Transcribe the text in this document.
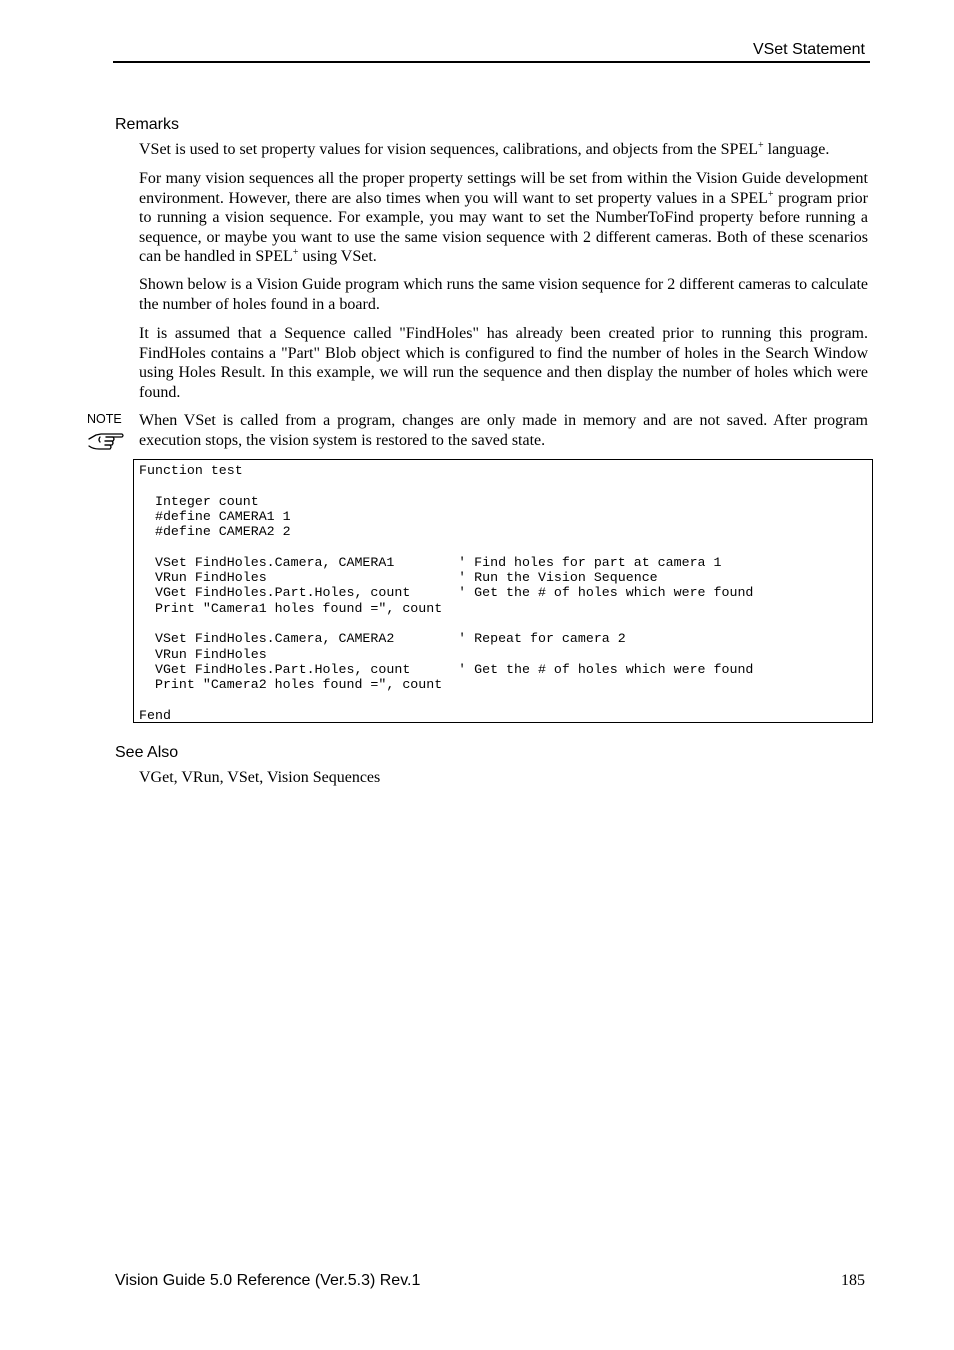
VSet Statement
Remarks

VSet is used to set property values for vision sequences, calibrations, and objects from the SPEL+ language.

For many vision sequences all the proper property settings will be set from within the Vision Guide development environment. However, there are also times when you will want to set property values in a SPEL+ program prior to running a vision sequence. For example, you may want to set the NumberToFind property before running a sequence, or maybe you want to use the same vision sequence with 2 different cameras. Both of these scenarios can be handled in SPEL+ using VSet.

Shown below is a Vision Guide program which runs the same vision sequence for 2 different cameras to calculate the number of holes found in a board.

It is assumed that a Sequence called "FindHoles" has already been created prior to running this program. FindHoles contains a "Part" Blob object which is configured to find the number of holes in the Search Window using Holes Result. In this example, we will run the sequence and then display the number of holes which were found.

NOTE When VSet is called from a program, changes are only made in memory and are not saved. After program execution stops, the vision system is restored to the saved state.

Function test

Integer count
#define CAMERA1 1
#define CAMERA2 2

VSet FindHoles.Camera, CAMERA1        ' Find holes for part at camera 1
VRun FindHoles                        ' Run the Vision Sequence
VGet FindHoles.Part.Holes, count      ' Get the # of holes which were found
Print "Camera1 holes found =", count

VSet FindHoles.Camera, CAMERA2        ' Repeat for camera 2
VRun FindHoles
VGet FindHoles.Part.Holes, count      ' Get the # of holes which were found
Print "Camera2 holes found =", count

Fend

See Also

VGet, VRun, VSet, Vision Sequences

Vision Guide 5.0 Reference (Ver.5.3) Rev.1	185
